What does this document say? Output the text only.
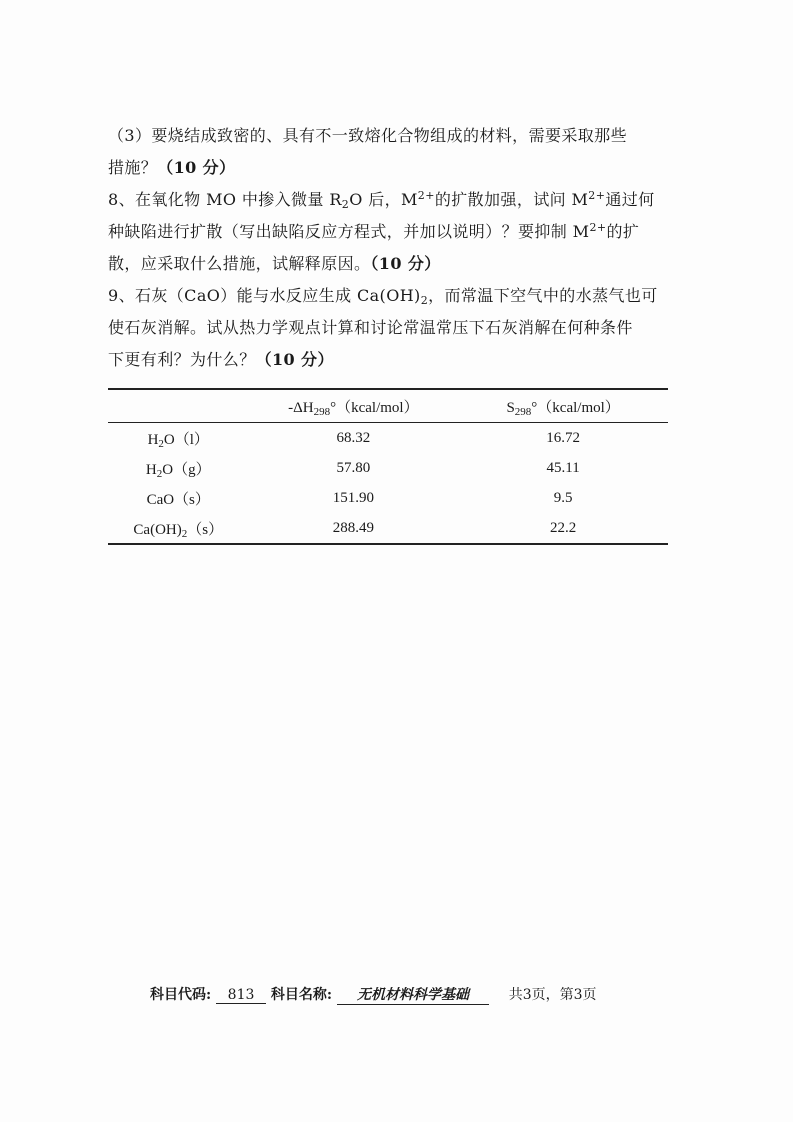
（3）要烧结成致密的、具有不一致熔化合物组成的材料，需要采取那些
措施？（10 分）
8、在氧化物 MO 中掺入微量 $R_2O$ 后，$M^{2+}$的扩散加强，试问 $M^{2+}$通过何
种缺陷进行扩散（写出缺陷反应方程式，并加以说明）？要抑制 $M^{2+}$的扩
散，应采取什么措施，试解释原因。（10 分）
9、石灰（CaO）能与水反应生成 $Ca(OH)_2$，而常温下空气中的水蒸气也可
使石灰消解。试从热力学观点计算和讨论常温常压下石灰消解在何种条件
下更有利？为什么？（10 分）
	$-\Delta H_{298}^\circ(kcal/mol)$	$S_{298}^\circ(kcal/mol)$
$H_2O(l)$	68.32	16.72
$H_2O(g)$	57.80	45.11
CaO（s）	151.90	9.5
$Ca(OH)_2(s)$	288.49	22.2
科目代码: 813 科目名称: 无机材料科学基础	共3页，第3页
